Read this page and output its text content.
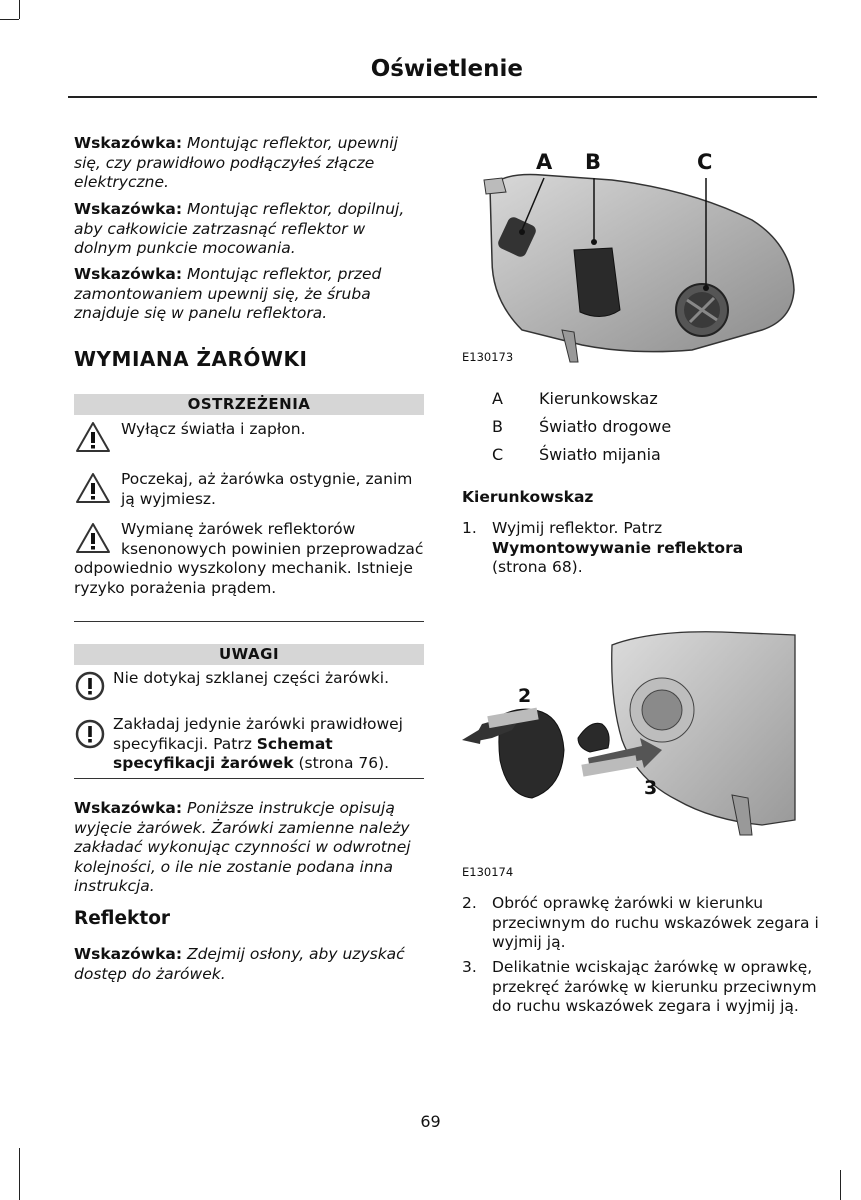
Oświetlenie

Wskazówka: Montując reflektor, upewnij się, czy prawidłowo podłączyłeś złącze elektryczne.

Wskazówka: Montując reflektor, dopilnuj, aby całkowicie zatrzasnąć reflektor w dolnym punkcie mocowania.

Wskazówka: Montując reflektor, przed zamontowaniem upewnij się, że śruba znajduje się w panelu reflektora.

WYMIANA ŻARÓWKI
OSTRZEŻENIA
Wyłącz światła i zapłon.
Poczekaj, aż żarówka ostygnie, zanim ją wyjmiesz.

Wymianę żarówek reflektorów ksenonowych powinien przeprowadzać odpowiednio wyszkolony mechanik. Istnieje ryzyko porażenia prądem.

UWAGI
Nie dotykaj szklanej części żarówki.
Zakładaj jedynie żarówki prawidłowej specyfikacji. Patrz Schemat specyfikacji żarówek (strona 76).

Wskazówka: Poniższe instrukcje opisują wyjęcie żarówek. Żarówki zamienne należy zakładać wykonując czynności w odwrotnej kolejności, o ile nie zostanie podana inna instrukcja.

Reflektor

Wskazówka: Zdejmij osłony, aby uzyskać dostęp do żarówek.

A B	C
E130173
A Kierunkowskaz
B Światło drogowe
C Światło mijania
Kierunkowskaz
1. Wyjmij reflektor. Patrz
Wymontowywanie reflektora
(strona 68).
2
3
E130174
2. Obróć oprawkę żarówki w kierunku przeciwnym do ruchu wskazówek zegara i wyjmij ją.
3. Delikatnie wciskając żarówkę w oprawkę, przekręć żarówkę w kierunku przeciwnym do ruchu wskazówek zegara i wyjmij ją.
69
